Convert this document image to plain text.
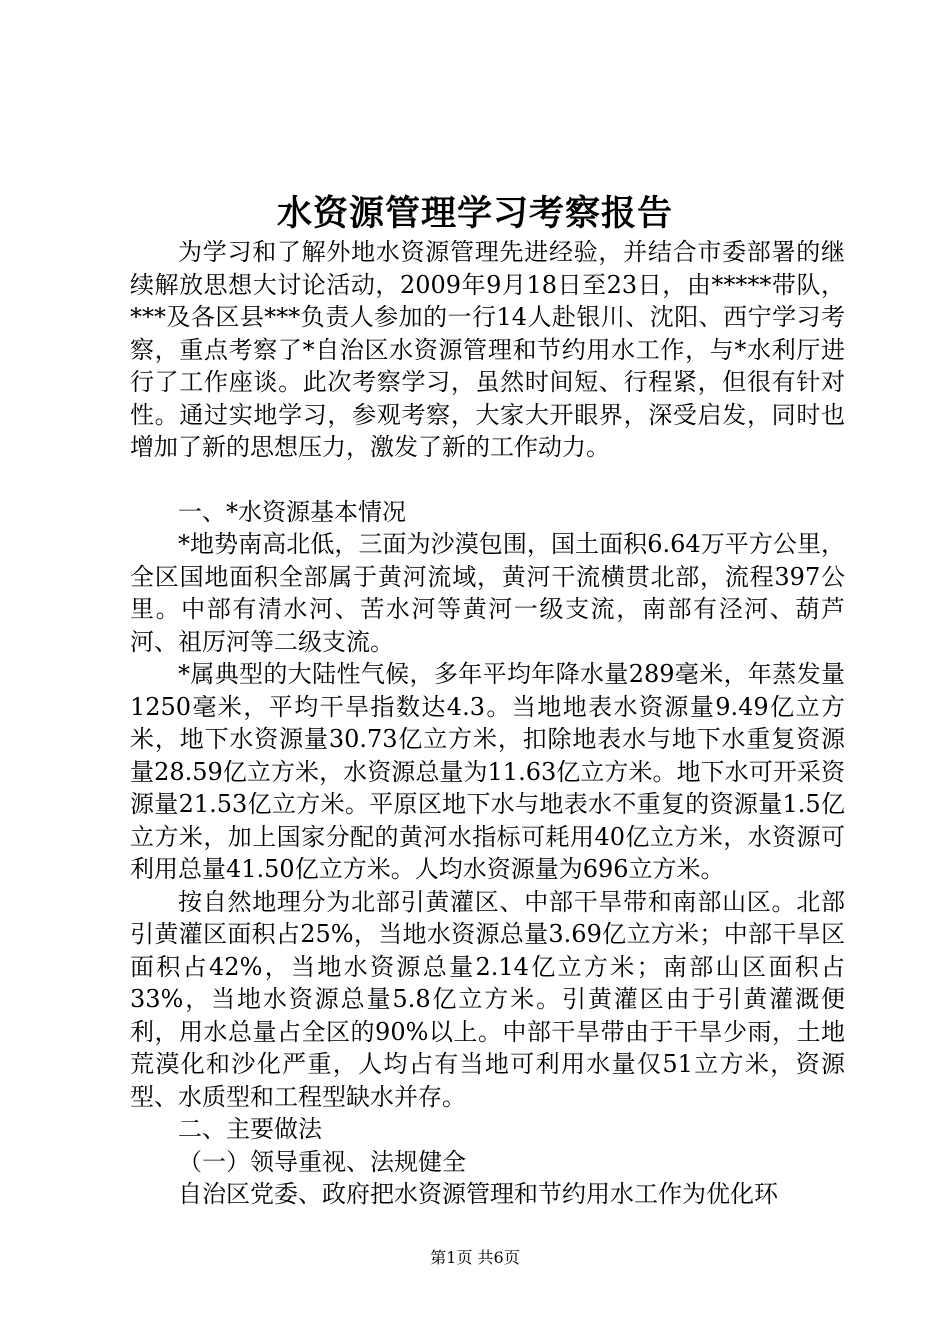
水资源管理学习考察报告

为学习和了解外地水资源管理先进经验，并结合市委部署的继续解放思想大讨论活动，2009年9月18日至23日，由*****带队，***及各区县***负责人参加的一行14人赴银川、沈阳、西宁学习考察，重点考察了*自治区水资源管理和节约用水工作，与*水利厅进行了工作座谈。此次考察学习，虽然时间短、行程紧，但很有针对性。通过实地学习，参观考察，大家大开眼界，深受启发，同时也增加了新的思想压力，激发了新的工作动力。

一、*水资源基本情况

*地势南高北低，三面为沙漠包围，国土面积6.64万平方公里，全区国地面积全部属于黄河流域，黄河干流横贯北部，流程397公里。中部有清水河、苦水河等黄河一级支流，南部有泾河、葫芦河、祖厉河等二级支流。

*属典型的大陆性气候，多年平均年降水量289毫米，年蒸发量1250毫米，平均干旱指数达4.3。当地地表水资源量9.49亿立方米，地下水资源量30.73亿立方米，扣除地表水与地下水重复资源量28.59亿立方米，水资源总量为11.63亿立方米。地下水可开采资源量21.53亿立方米。平原区地下水与地表水不重复的资源量1.5亿立方米，加上国家分配的黄河水指标可耗用40亿立方米，水资源可利用总量41.50亿立方米。人均水资源量为696立方米。

按自然地理分为北部引黄灌区、中部干旱带和南部山区。北部引黄灌区面积占25%，当地水资源总量3.69亿立方米；中部干旱区面积占42%，当地水资源总量2.14亿立方米；南部山区面积占33%，当地水资源总量5.8亿立方米。引黄灌区由于引黄灌溉便利，用水总量占全区的90%以上。中部干旱带由于干旱少雨，土地荒漠化和沙化严重，人均占有当地可利用水量仅51立方米，资源型、水质型和工程型缺水并存。

二、主要做法

（一）领导重视、法规健全

自治区党委、政府把水资源管理和节约用水工作为优化环

第1页 共6页
